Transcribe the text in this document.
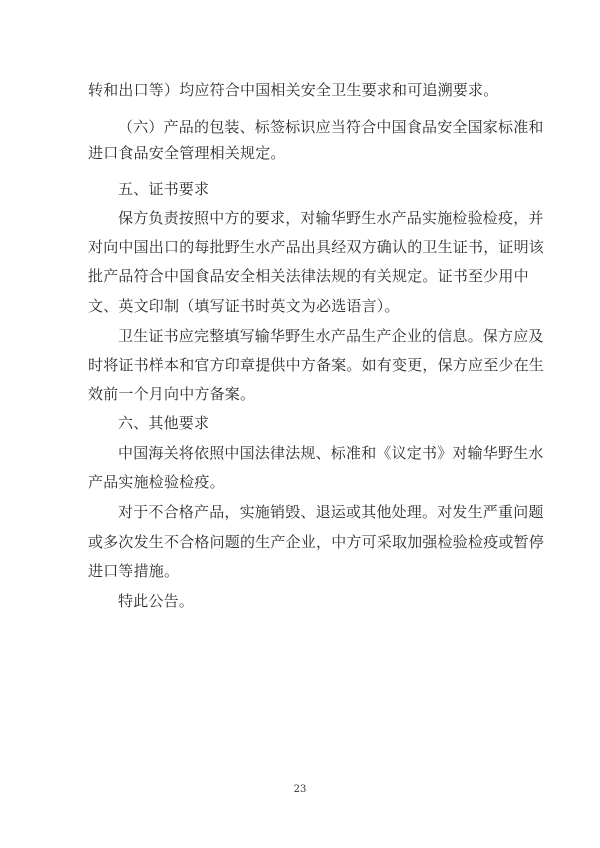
转和出口等）均应符合中国相关安全卫生要求和可追溯要求。
（六）产品的包装、标签标识应当符合中国食品安全国家标准和
进口食品安全管理相关规定。
五、证书要求
保方负责按照中方的要求，对输华野生水产品实施检验检疫，并
对向中国出口的每批野生水产品出具经双方确认的卫生证书，证明该
批产品符合中国食品安全相关法律法规的有关规定。证书至少用中
文、英文印制（填写证书时英文为必选语言）。
卫生证书应完整填写输华野生水产品生产企业的信息。保方应及
时将证书样本和官方印章提供中方备案。如有变更，保方应至少在生
效前一个月向中方备案。
六、其他要求
中国海关将依照中国法律法规、标准和《议定书》对输华野生水
产品实施检验检疫。
对于不合格产品，实施销毁、退运或其他处理。对发生严重问题
或多次发生不合格问题的生产企业，中方可采取加强检验检疫或暂停
进口等措施。
特此公告。
23
